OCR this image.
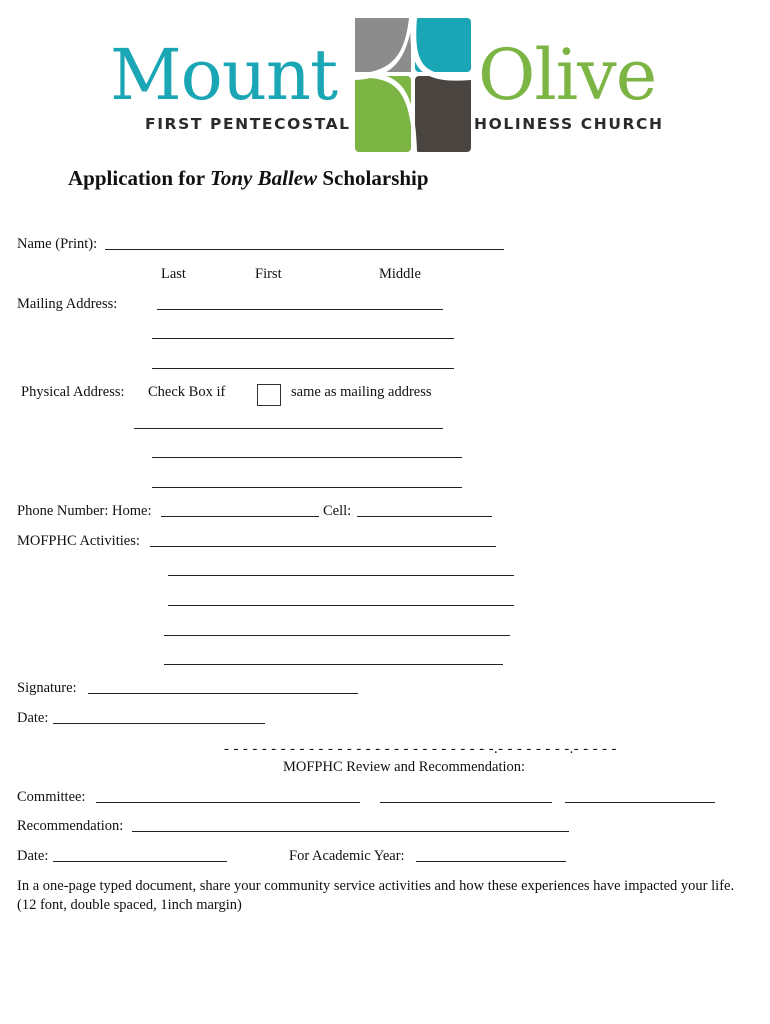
Mount Olive
FIRST PENTECOSTAL	HOLINESS CHURCH
Application for Tony Ballew Scholarship
Name (Print):
Last	First	Middle
Mailing Address:
Physical Address: Check Box if	same as mailing address
Phone Number: Home:	Cell:
MOFPHC Activities:
Signature:
Date:
- - - - - - - - - - - - - - - - - - - - - - - - - - - - -.- - - - - - - -.- - - - -
MOFPHC Review and Recommendation:
Committee:
Recommendation:
Date:	For Academic Year:
In a one-page typed document, share your community service activities and how these experiences have impacted your life. (12 font, double spaced, 1inch margin)
